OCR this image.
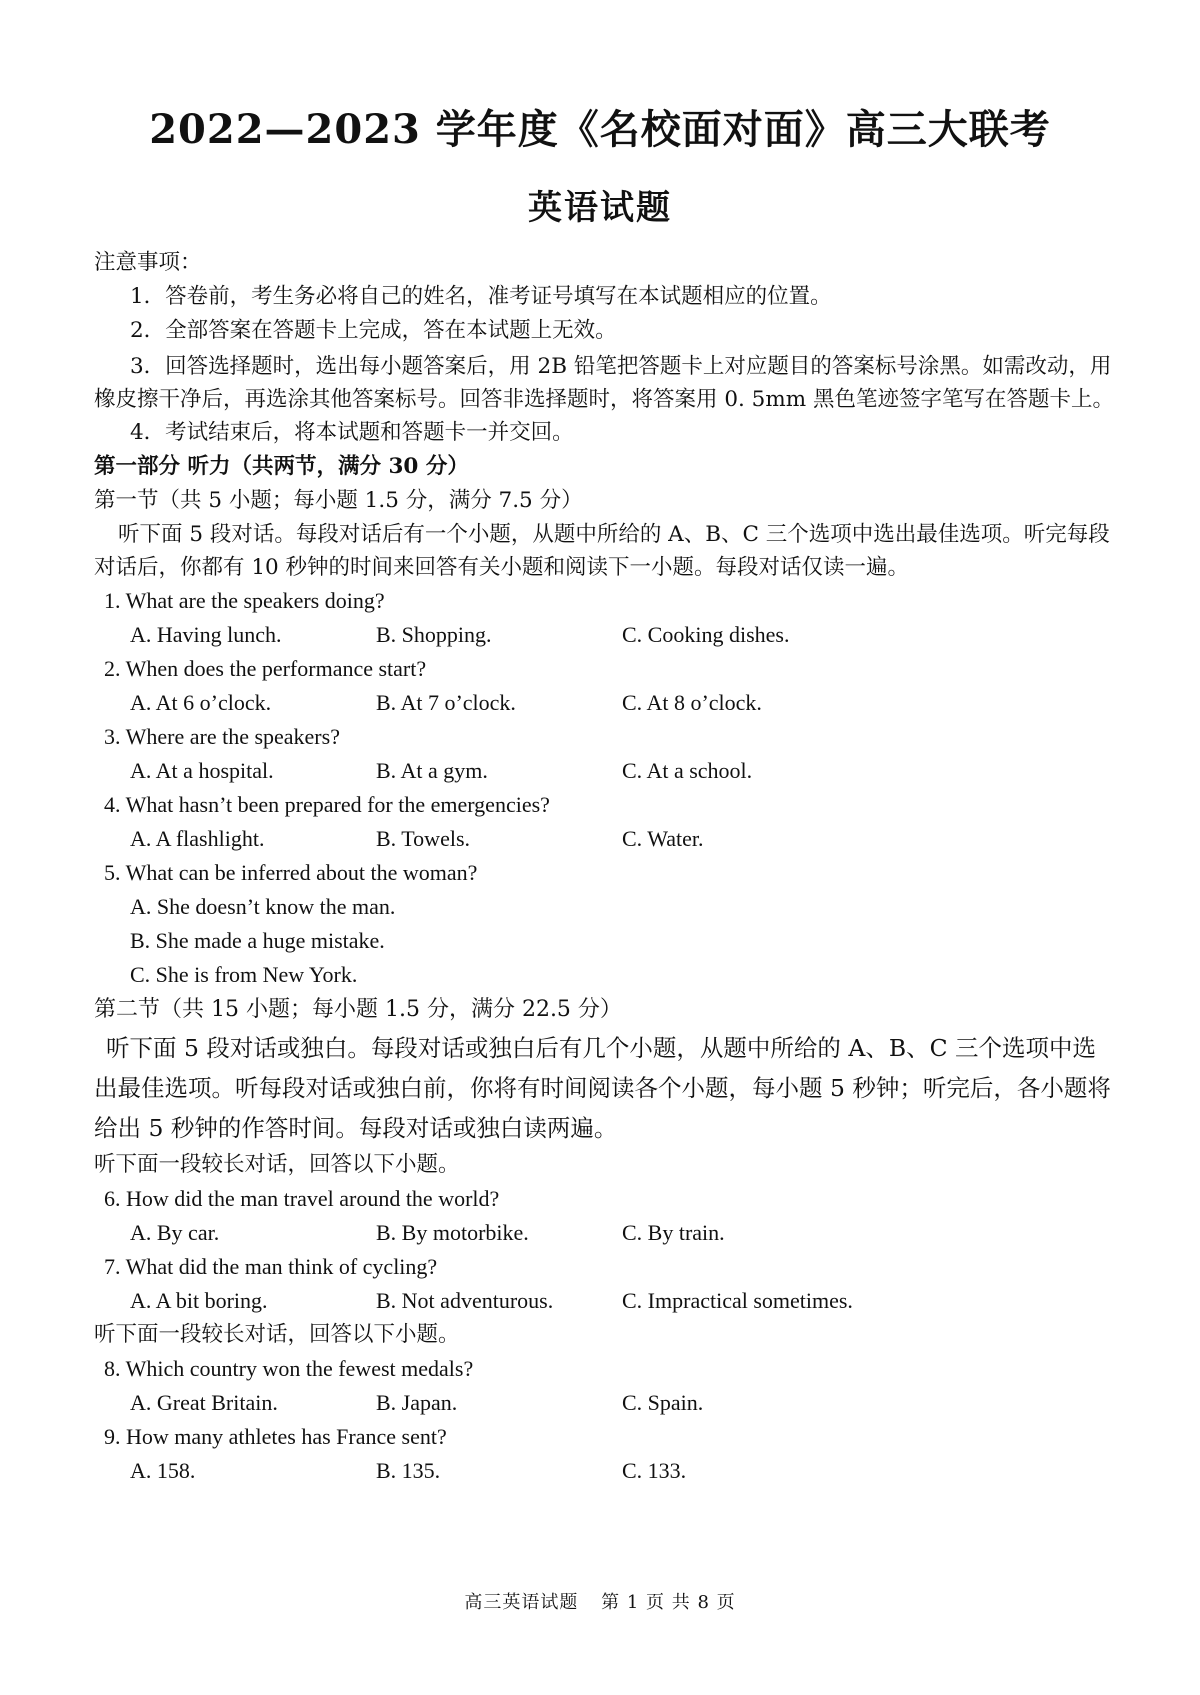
2022—2023 学年度《名校面对面》高三大联考
英语试题
注意事项：
1．答卷前，考生务必将自己的姓名，准考证号填写在本试题相应的位置。
2．全部答案在答题卡上完成，答在本试题上无效。
3．回答选择题时，选出每小题答案后，用 2B 铅笔把答题卡上对应题目的答案标号涂黑。如需改动，用橡皮擦干净后，再选涂其他答案标号。回答非选择题时，将答案用 0. 5mm 黑色笔迹签字笔写在答题卡上。
4．考试结束后，将本试题和答题卡一并交回。
第一部分 听力（共两节，满分 30 分）
第一节（共 5 小题；每小题 1.5 分，满分 7.5 分）
听下面 5 段对话。每段对话后有一个小题，从题中所给的 A、B、C 三个选项中选出最佳选项。听完每段对话后，你都有 10 秒钟的时间来回答有关小题和阅读下一小题。每段对话仅读一遍。
1. What are the speakers doing?
A. Having lunch.	B. Shopping.	C. Cooking dishes.
2. When does the performance start?
A. At 6 o’clock.	B. At 7 o’clock.	C. At 8 o’clock.
3. Where are the speakers?
A. At a hospital.	B. At a gym.	C. At a school.
4. What hasn’t been prepared for the emergencies?
A. A flashlight.	B. Towels.	C. Water.
5. What can be inferred about the woman?
A. She doesn’t know the man.
B. She made a huge mistake.
C. She is from New York.
第二节（共 15 小题；每小题 1.5 分，满分 22.5 分）
听下面 5 段对话或独白。每段对话或独白后有几个小题，从题中所给的 A、B、C 三个选项中选出最佳选项。听每段对话或独白前，你将有时间阅读各个小题，每小题 5 秒钟；听完后，各小题将给出 5 秒钟的作答时间。每段对话或独白读两遍。
听下面一段较长对话，回答以下小题。
6. How did the man travel around the world?
A. By car.	B. By motorbike.	C. By train.
7. What did the man think of cycling?
A. A bit boring.	B. Not adventurous.	C. Impractical sometimes.
听下面一段较长对话，回答以下小题。
8. Which country won the fewest medals?
A. Great Britain.	B. Japan.	C. Spain.
9. How many athletes has France sent?
A. 158.	B. 135.	C. 133.
高三英语试题 第 1 页 共 8 页
